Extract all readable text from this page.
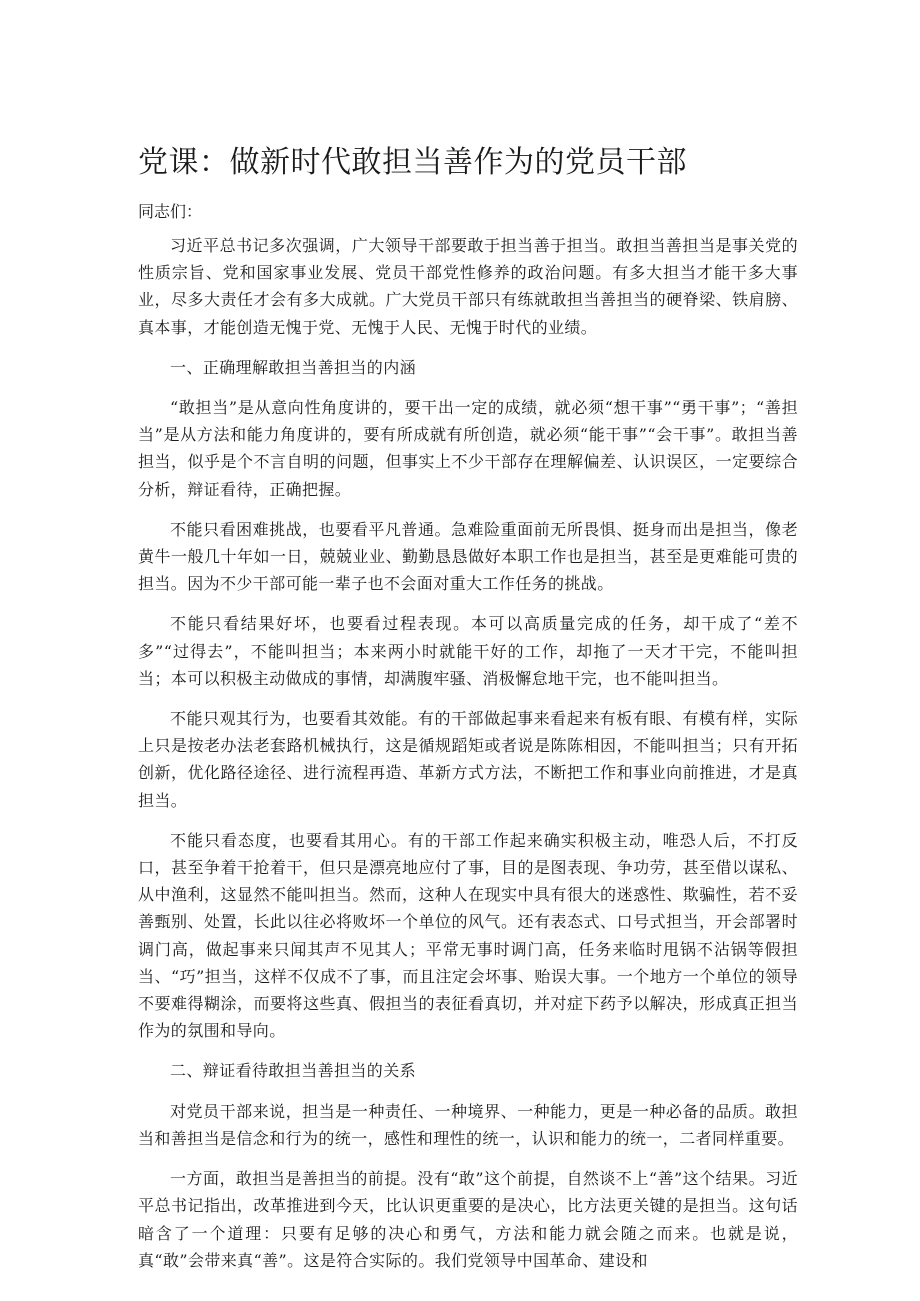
党课：做新时代敢担当善作为的党员干部
同志们：

习近平总书记多次强调，广大领导干部要敢于担当善于担当。敢担当善担当是事关党的性质宗旨、党和国家事业发展、党员干部党性修养的政治问题。有多大担当才能干多大事业，尽多大责任才会有多大成就。广大党员干部只有练就敢担当善担当的硬脊梁、铁肩膀、真本事，才能创造无愧于党、无愧于人民、无愧于时代的业绩。

一、正确理解敢担当善担当的内涵

“敢担当”是从意向性角度讲的，要干出一定的成绩，就必须“想干事”“勇干事”；“善担当”是从方法和能力角度讲的，要有所成就有所创造，就必须“能干事”“会干事”。敢担当善担当，似乎是个不言自明的问题，但事实上不少干部存在理解偏差、认识误区，一定要综合分析，辩证看待，正确把握。

不能只看困难挑战，也要看平凡普通。急难险重面前无所畏惧、挺身而出是担当，像老黄牛一般几十年如一日，兢兢业业、勤勤恳恳做好本职工作也是担当，甚至是更难能可贵的担当。因为不少干部可能一辈子也不会面对重大工作任务的挑战。

不能只看结果好坏，也要看过程表现。本可以高质量完成的任务，却干成了“差不多”“过得去”，不能叫担当；本来两小时就能干好的工作，却拖了一天才干完，不能叫担当；本可以积极主动做成的事情，却满腹牢骚、消极懈怠地干完，也不能叫担当。

不能只观其行为，也要看其效能。有的干部做起事来看起来有板有眼、有模有样，实际上只是按老办法老套路机械执行，这是循规蹈矩或者说是陈陈相因，不能叫担当；只有开拓创新，优化路径途径、进行流程再造、革新方式方法，不断把工作和事业向前推进，才是真担当。

不能只看态度，也要看其用心。有的干部工作起来确实积极主动，唯恐人后，不打反口，甚至争着干抢着干，但只是漂亮地应付了事，目的是图表现、争功劳，甚至借以谋私、从中渔利，这显然不能叫担当。然而，这种人在现实中具有很大的迷惑性、欺骗性，若不妥善甄别、处置，长此以往必将败坏一个单位的风气。还有表态式、口号式担当，开会部署时调门高，做起事来只闻其声不见其人；平常无事时调门高，任务来临时甩锅不沾锅等假担当、“巧”担当，这样不仅成不了事，而且注定会坏事、贻误大事。一个地方一个单位的领导不要难得糊涂，而要将这些真、假担当的表征看真切，并对症下药予以解决，形成真正担当作为的氛围和导向。

二、辩证看待敢担当善担当的关系

对党员干部来说，担当是一种责任、一种境界、一种能力，更是一种必备的品质。敢担当和善担当是信念和行为的统一，感性和理性的统一，认识和能力的统一，二者同样重要。

一方面，敢担当是善担当的前提。没有“敢”这个前提，自然谈不上“善”这个结果。习近平总书记指出，改革推进到今天，比认识更重要的是决心，比方法更关键的是担当。这句话暗含了一个道理：只要有足够的决心和勇气，方法和能力就会随之而来。也就是说，真“敢”会带来真“善”。这是符合实际的。我们党领导中国革命、建设和
